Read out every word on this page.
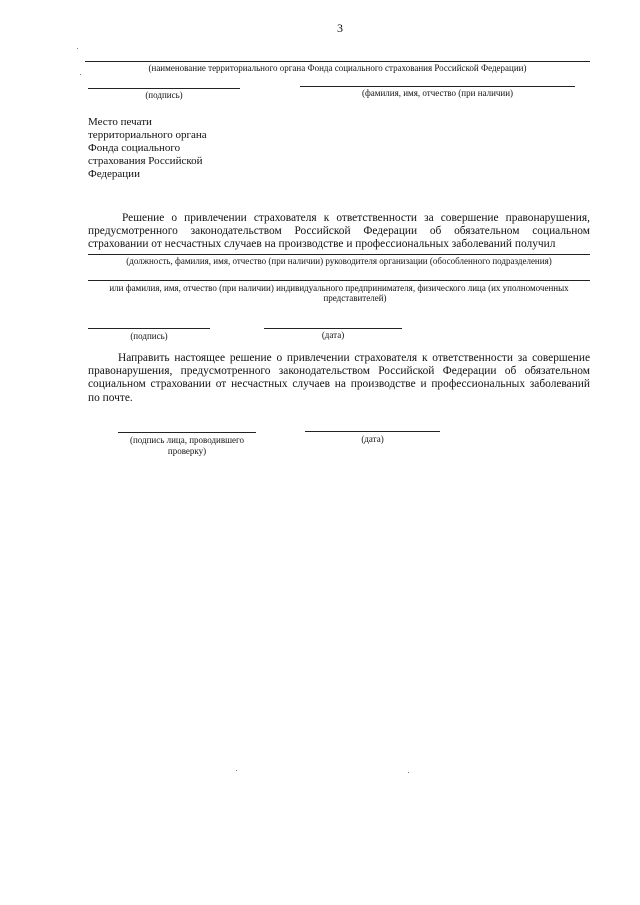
3
(наименование территориального органа Фонда социального страхования Российской Федерации)
(подпись)	(фамилия, имя, отчество (при наличии)
Место печати
территориального органа
Фонда социального
страхования Российской
Федерации
Решение о привлечении страхователя к ответственности за совершение правонарушения,
предусмотренного законодательством Российской Федерации об обязательном социальном
страховании от несчастных случаев на производстве и профессиональных заболеваний получил
(должность, фамилия, имя, отчество (при наличии) руководителя организации (обособленного подразделения)
или фамилия, имя, отчество (при наличии) индивидуального предпринимателя, физического лица (их уполномоченных
представителей)
(подпись)	(дата)
Направить настоящее решение о привлечении страхователя к ответственности за совершение
правонарушения, предусмотренного законодательством Российской Федерации об обязательном
социальном страховании от несчастных случаев на производстве и профессиональных заболеваний
по почте.
(подпись лица, проводившего
проверку)
(дата)
